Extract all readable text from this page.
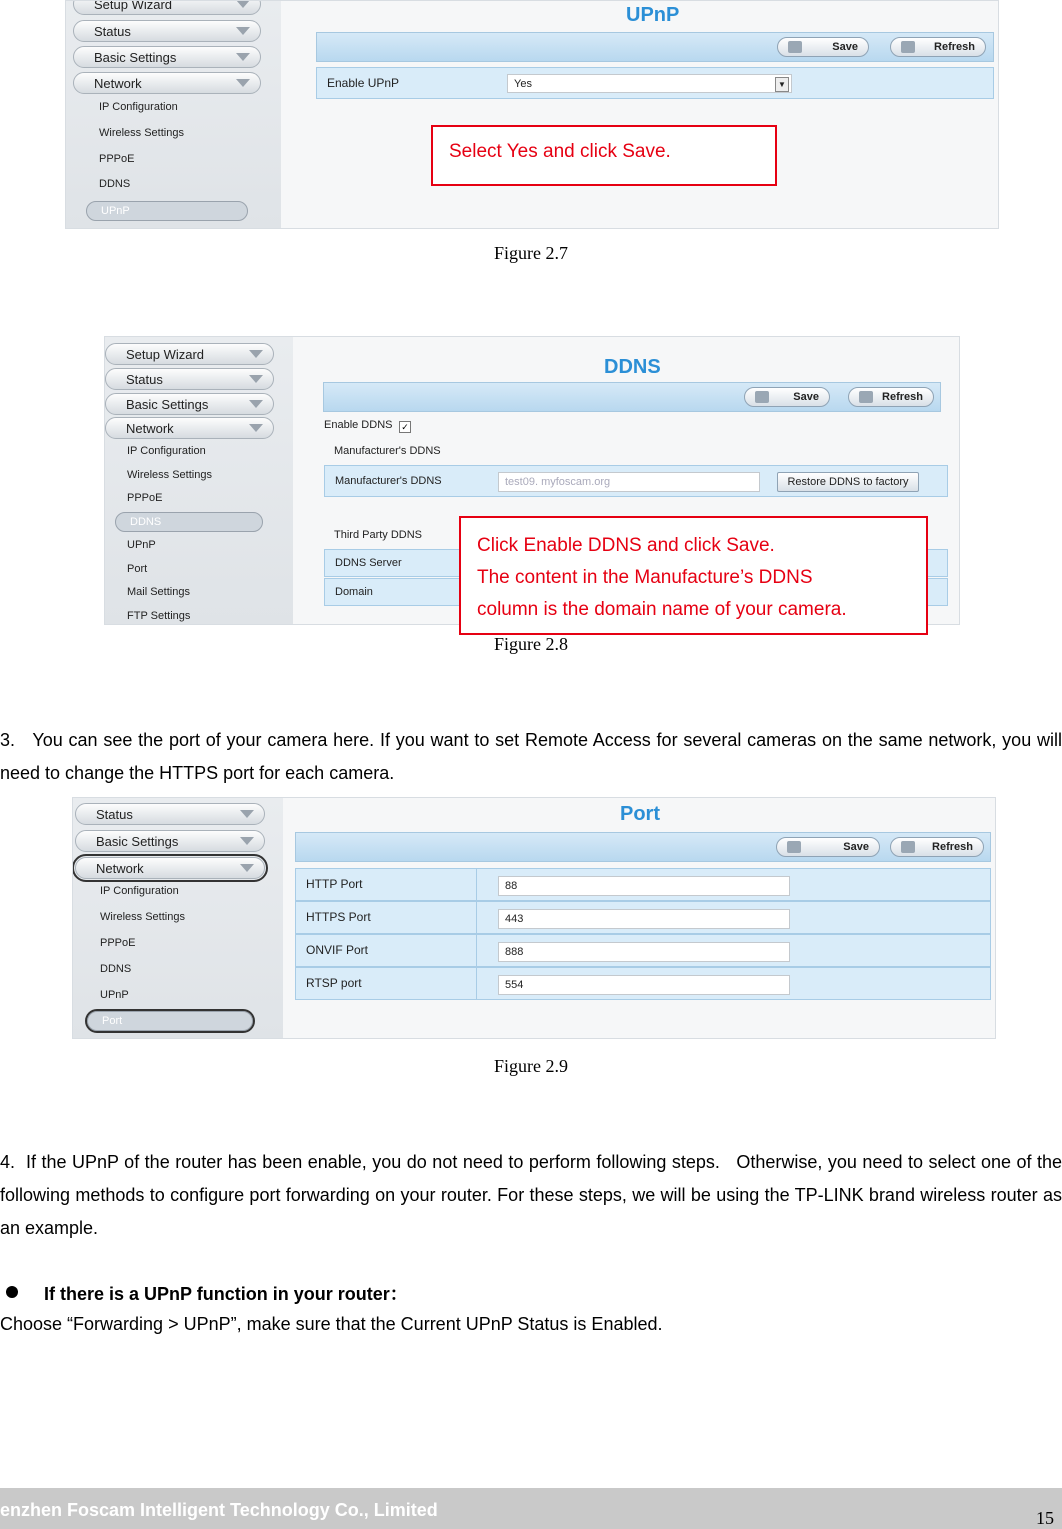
Setup Wizard
Status
Basic Settings
Network
IP Configuration
Wireless Settings
PPPoE
DDNS
UPnP
UPnP
Save	Refresh
Enable UPnP	Yes	▼
Select Yes and click Save.
Figure 2.7
Setup Wizard
Status
Basic Settings
Network
IP Configuration
Wireless Settings
PPPoE
DDNS
UPnP
Port
Mail Settings
FTP Settings
DDNS
Save	Refresh
Enable DDNS ✓
Manufacturer's DDNS
Manufacturer's DDNS	test09. myfoscam.org	Restore DDNS to factory
Third Party DDNS
DDNS Server
Domain
Click Enable DDNS and click Save.
The content in the Manufacture’s DDNS
column is the domain name of your camera.
Figure 2.8
3.   You can see the port of your camera here. If you want to set Remote Access for several cameras on the same network, you will need to change the HTTPS port for each camera.
Status
Basic Settings
Network
IP Configuration
Wireless Settings
PPPoE
DDNS
UPnP
Port
Port
Save	Refresh
HTTP Port	88
HTTPS Port	443
ONVIF Port	888
RTSP port	554
Figure 2.9
4.  If the UPnP of the router has been enable, you do not need to perform following steps.   Otherwise, you need to select one of the following methods to configure port forwarding on your router. For these steps, we will be using the TP-LINK brand wireless router as an example.
If there is a UPnP function in your router：
Choose “Forwarding > UPnP”, make sure that the Current UPnP Status is Enabled.
enzhen Foscam Intelligent Technology Co., Limited	15
